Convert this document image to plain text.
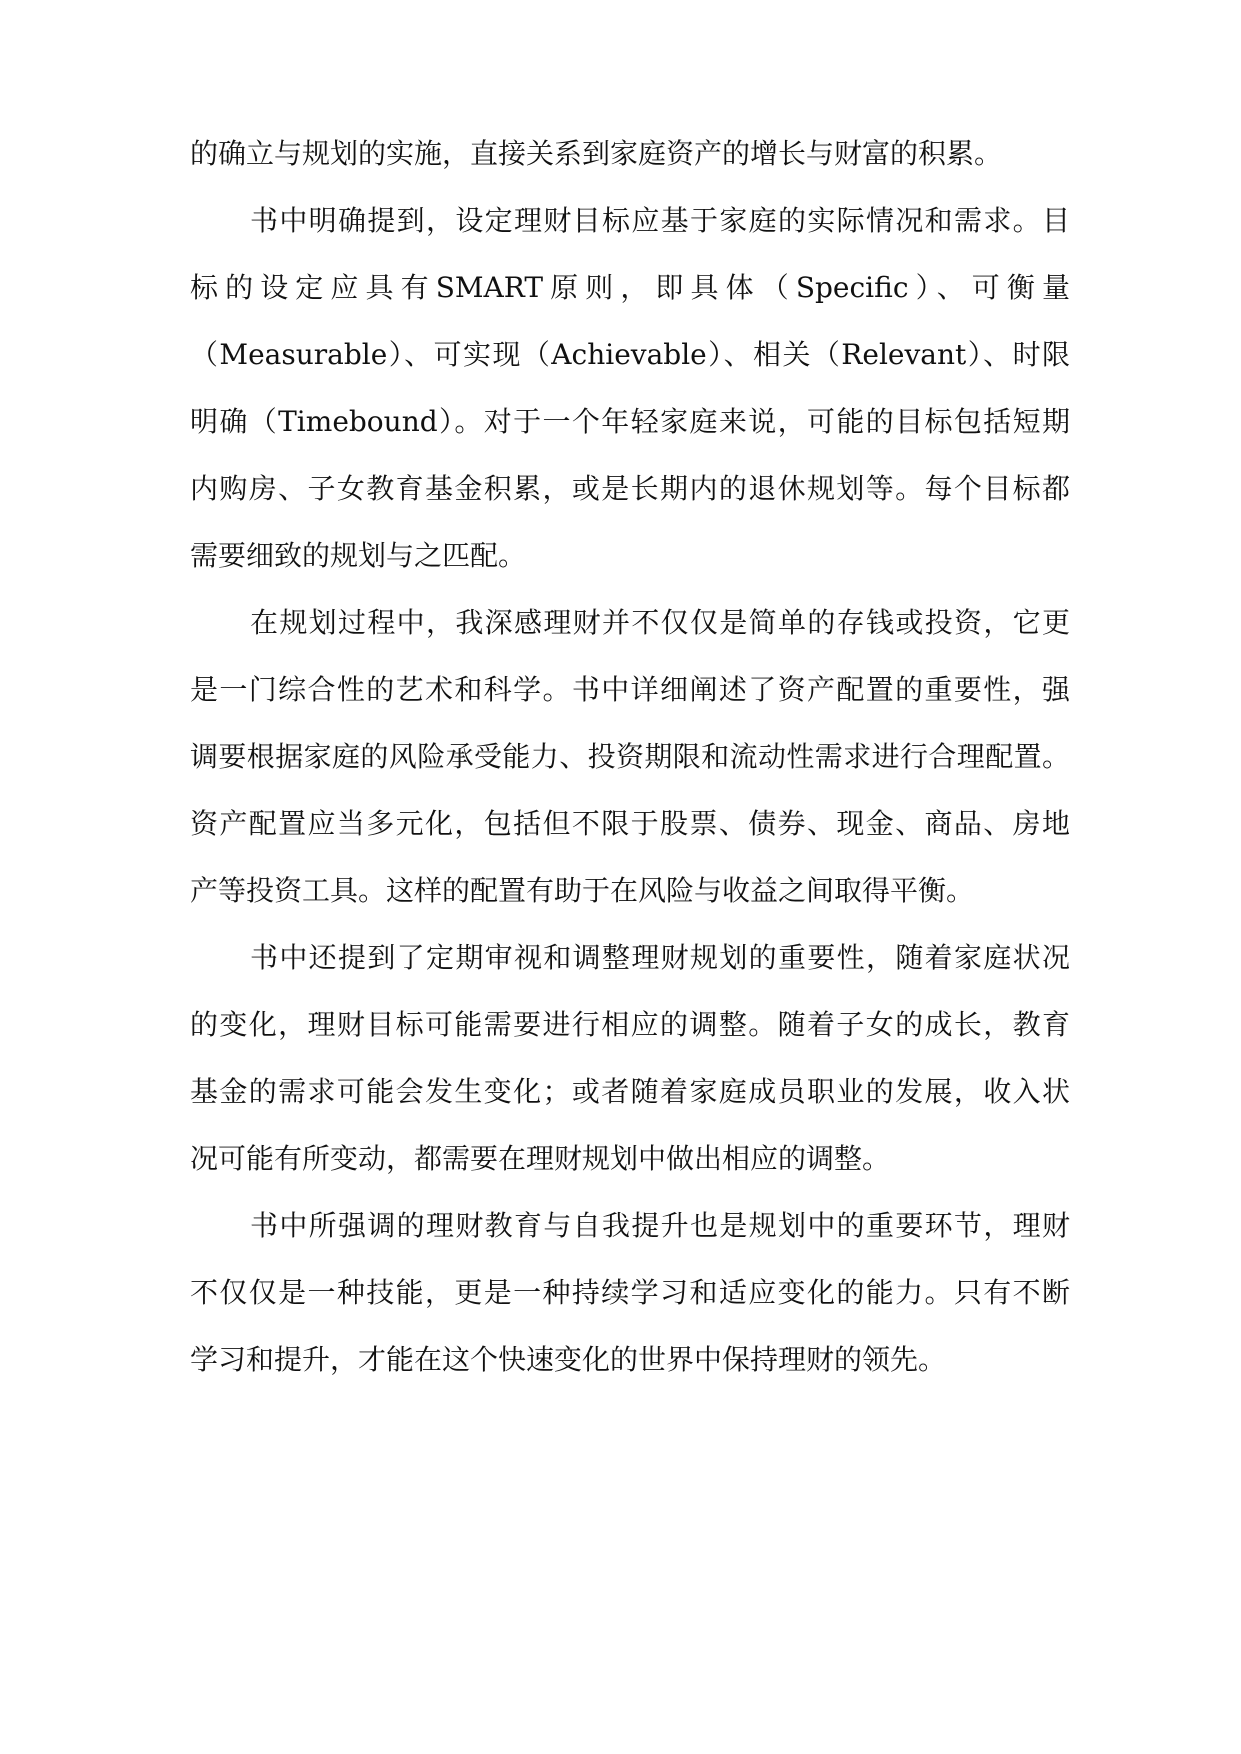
的确立与规划的实施，直接关系到家庭资产的增长与财富的积累。
书中明确提到，设定理财目标应基于家庭的实际情况和需求。目
标的设定应具有SMART原则，即具体（Specific）、可衡量
（Measurable）、可实现（Achievable）、相关（Relevant）、时限
明确（Timebound）。对于一个年轻家庭来说，可能的目标包括短期
内购房、子女教育基金积累，或是长期内的退休规划等。每个目标都
需要细致的规划与之匹配。
在规划过程中，我深感理财并不仅仅是简单的存钱或投资，它更
是一门综合性的艺术和科学。书中详细阐述了资产配置的重要性，强
调要根据家庭的风险承受能力、投资期限和流动性需求进行合理配置。
资产配置应当多元化，包括但不限于股票、债券、现金、商品、房地
产等投资工具。这样的配置有助于在风险与收益之间取得平衡。
书中还提到了定期审视和调整理财规划的重要性，随着家庭状况
的变化，理财目标可能需要进行相应的调整。随着子女的成长，教育
基金的需求可能会发生变化；或者随着家庭成员职业的发展，收入状
况可能有所变动，都需要在理财规划中做出相应的调整。
书中所强调的理财教育与自我提升也是规划中的重要环节，理财
不仅仅是一种技能，更是一种持续学习和适应变化的能力。只有不断
学习和提升，才能在这个快速变化的世界中保持理财的领先。
